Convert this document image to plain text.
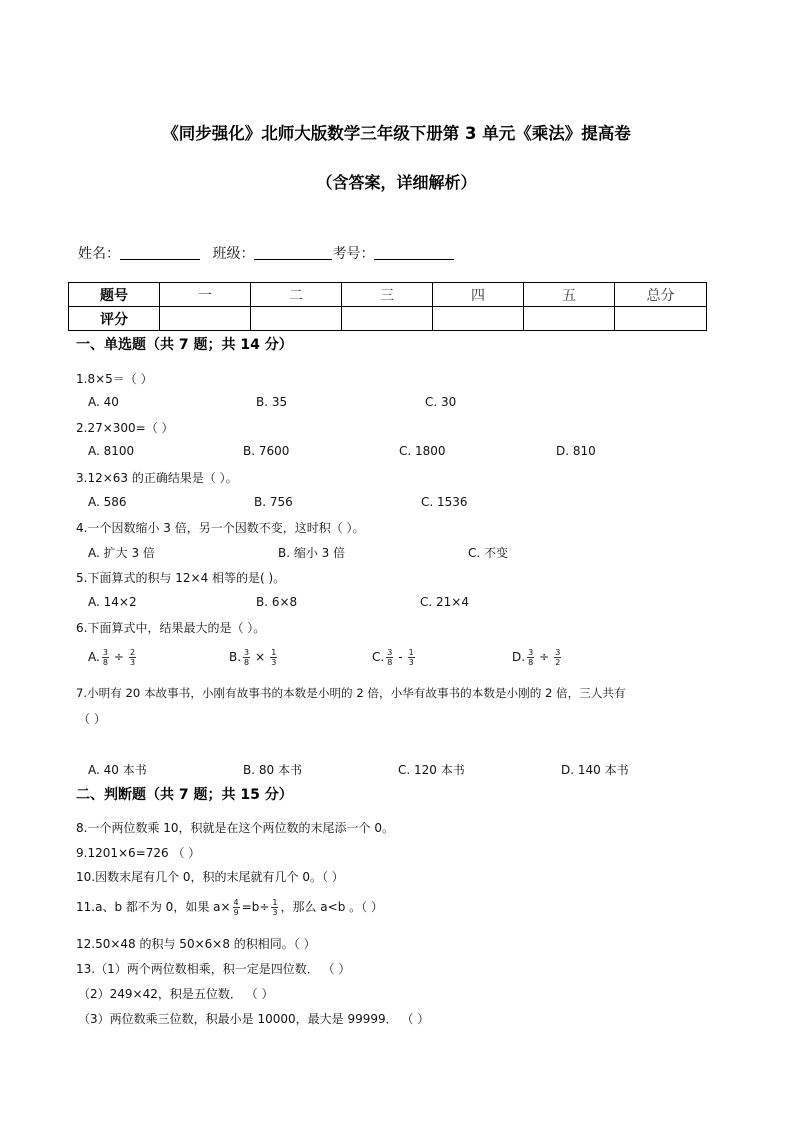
《同步强化》北师大版数学三年级下册第 3 单元《乘法》提高卷
（含答案，详细解析）
姓名：	班级：	考号：
题号	一	二	三	四	五	总分
评分						
一、单选题（共 7 题；共 14 分）
1.8×5＝（ ）
A. 40	B. 35	C. 30
2.27×300=（ ）
A. 8100	B. 7600	C. 1800	D. 810
3.12×63 的正确结果是（ ）。
A. 586	B. 756	C. 1536
4.一个因数缩小 3 倍，另一个因数不变，这时积（ ）。
A. 扩大 3 倍	B. 缩小 3 倍	C. 不变
5.下面算式的积与 12×4 相等的是( )。
A. 14×2	B. 6×8	C. 21×4
6.下面算式中，结果最大的是（ ）。
A. $\frac{3}{8} \div \frac{2}{3}$	B. $\frac{3}{8} \times \frac{1}{3}$	C. $\frac{3}{8} - \frac{1}{3}$	D. $\frac{3}{8} \div \frac{3}{2}$
7.小明有 20 本故事书，小刚有故事书的本数是小明的 2 倍，小华有故事书的本数是小刚的 2 倍，三人共有
（ ）
A. 40 本书	B. 80 本书	C. 120 本书	D. 140 本书
二、判断题（共 7 题；共 15 分）
8.一个两位数乘 10，积就是在这个两位数的末尾添一个 0。
9.1201×6=726 （ ）
10.因数末尾有几个 0，积的末尾就有几个 0。（ ）
11.a、b 都不为 0，如果 $a\times \frac{4}{9} =b\div \frac{1}{3}$ ，那么 a<b 。（ ）
12.50×48 的积与 50×6×8 的积相同。（ ）
13.（1）两个两位数相乘，积一定是四位数． （ ）
（2）249×42，积是五位数． （ ）
（3）两位数乘三位数，积最小是 10000，最大是 99999． （ ）
